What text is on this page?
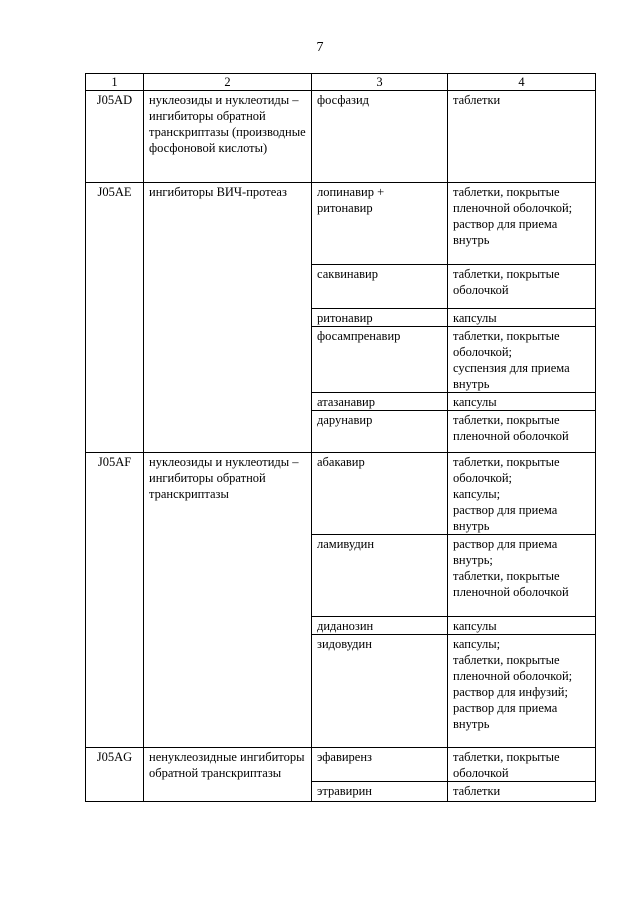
7
1	2	3	4
J05AD	нуклеозиды и нуклеотиды – ингибиторы обратной транскриптазы (производные фосфоновой кислоты)	фосфазид	таблетки

J05AE	ингибиторы ВИЧ-протеаз	лопинавир + ритонавир	таблетки, покрытые пленочной оболочкой;
раствор для приема внутрь

		саквинавир	таблетки, покрытые оболочкой

		ритонавир	капсулы

		фосампренавир	таблетки, покрытые оболочкой;
суспензия для приема внутрь

		атазанавир	капсулы

		дарунавир	таблетки, покрытые пленочной оболочкой

J05AF	нуклеозиды и нуклеотиды – ингибиторы обратной транскриптазы	абакавир	таблетки, покрытые оболочкой;
капсулы;
раствор для приема внутрь

		ламивудин	раствор для приема внутрь;
таблетки, покрытые пленочной оболочкой

		диданозин	капсулы

		зидовудин	капсулы;
таблетки, покрытые пленочной оболочкой;
раствор для инфузий;
раствор для приема внутрь

J05AG	ненуклеозидные ингибиторы обратной транскриптазы	эфавиренз	таблетки, покрытые оболочкой

		этравирин	таблетки
